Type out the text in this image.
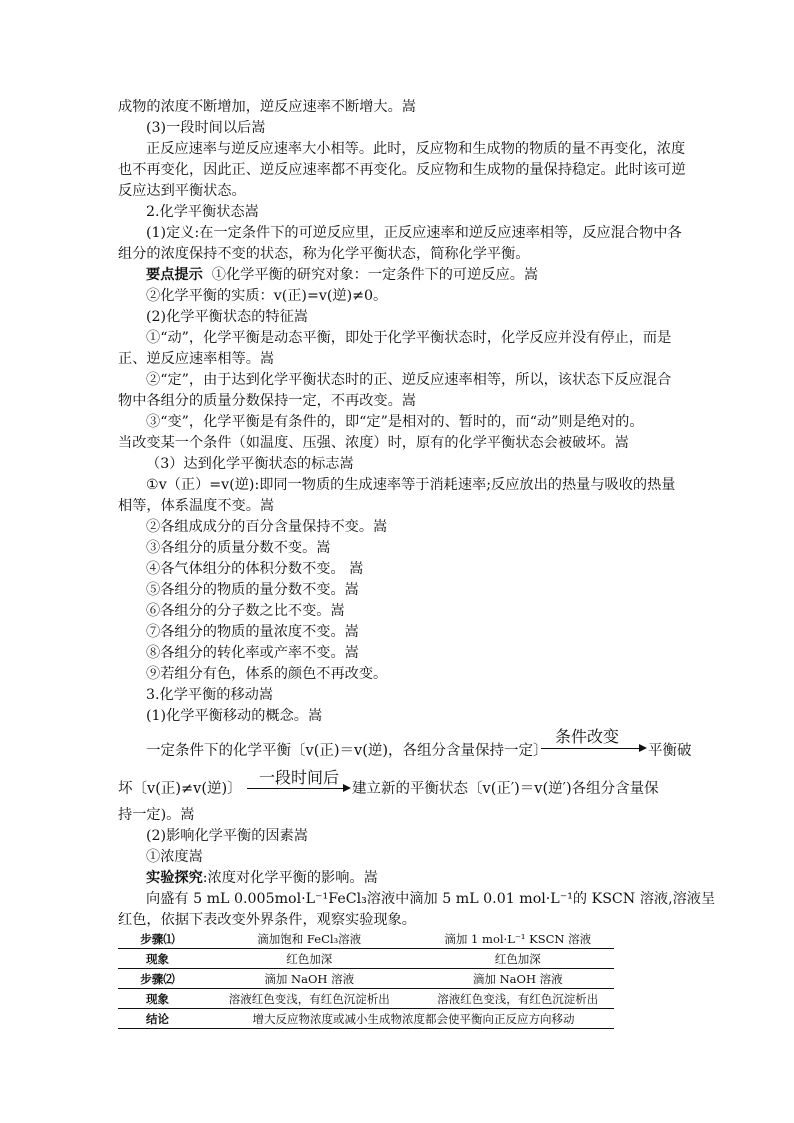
成物的浓度不断增加，逆反应速率不断增大。嵩
(3)一段时间以后嵩
正反应速率与逆反应速率大小相等。此时，反应物和生成物的物质的量不再变化，浓度
也不再变化，因此正、逆反应速率都不再变化。反应物和生成物的量保持稳定。此时该可逆
反应达到平衡状态。
2.化学平衡状态嵩
(1)定义:在一定条件下的可逆反应里，正反应速率和逆反应速率相等，反应混合物中各
组分的浓度保持不变的状态，称为化学平衡状态，简称化学平衡。
要点提示 ①化学平衡的研究对象：一定条件下的可逆反应。嵩
②化学平衡的实质：v(正)=v(逆)≠0。
(2)化学平衡状态的特征嵩
①“动”，化学平衡是动态平衡，即处于化学平衡状态时，化学反应并没有停止，而是
正、逆反应速率相等。嵩
②“定”，由于达到化学平衡状态时的正、逆反应速率相等，所以，该状态下反应混合
物中各组分的质量分数保持一定，不再改变。嵩
③“变”，化学平衡是有条件的，即“定”是相对的、暂时的，而“动”则是绝对的。
当改变某一个条件（如温度、压强、浓度）时，原有的化学平衡状态会被破坏。嵩
（3）达到化学平衡状态的标志嵩
①v（正）=v(逆):即同一物质的生成速率等于消耗速率;反应放出的热量与吸收的热量
相等，体系温度不变。嵩
②各组成成分的百分含量保持不变。嵩
③各组分的质量分数不变。嵩
④各气体组分的体积分数不变。 嵩
⑤各组分的物质的量分数不变。嵩
⑥各组分的分子数之比不变。嵩
⑦各组分的物质的量浓度不变。嵩
⑧各组分的转化率或产率不变。嵩
⑨若组分有色，体系的颜色不再改变。
3.化学平衡的移动嵩
(1)化学平衡移动的概念。嵩
一定条件下的化学平衡〔v(正)＝v(逆)，各组分含量保持一定〕
条件改变
平衡破
坏〔v(正)≠v(逆)〕
一段时间后
建立新的平衡状态〔v(正′)＝v(逆′)各组分含量保
持一定)。嵩
(2)影响化学平衡的因素嵩
①浓度嵩
实验探究:浓度对化学平衡的影响。嵩
向盛有 5 mL 0.005mol·L⁻¹FeCl₃溶液中滴加 5 mL 0.01 mol·L⁻¹的 KSCN 溶液,溶液呈
红色，依据下表改变外界条件，观察实验现象。
步骤⑴		滴加饱和 FeCl₃溶液		滴加 1 mol·L⁻¹ KSCN 溶液
现象		红色加深		红色加深
步骤⑵		滴加 NaOH 溶液		滴加 NaOH 溶液
现象		溶液红色变浅，有红色沉淀析出		溶液红色变浅，有红色沉淀析出
结论		增大反应物浓度或减小生成物浓度都会使平衡向正反应方向移动		
